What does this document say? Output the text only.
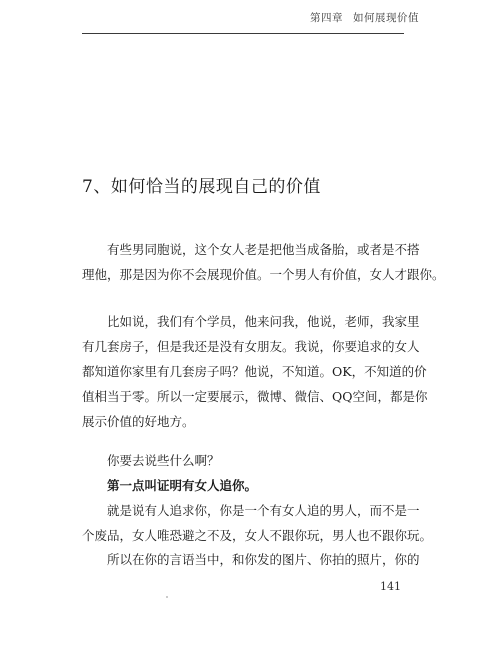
第四章 如何展现价值
7、如何恰当的展现自己的价值
有些男同胞说，这个女人老是把他当成备胎，或者是不搭
理他，那是因为你不会展现价值。一个男人有价值，女人才跟你。
比如说，我们有个学员，他来问我，他说，老师，我家里
有几套房子，但是我还是没有女朋友。我说，你要追求的女人
都知道你家里有几套房子吗？他说，不知道。OK，不知道的价
值相当于零。所以一定要展示，微博、微信、QQ空间，都是你
展示价值的好地方。
你要去说些什么啊？
第一点叫证明有女人追你。
就是说有人追求你，你是一个有女人追的男人，而不是一
个废品，女人唯恐避之不及，女人不跟你玩，男人也不跟你玩。
所以在你的言语当中，和你发的图片、你拍的照片，你的
141
